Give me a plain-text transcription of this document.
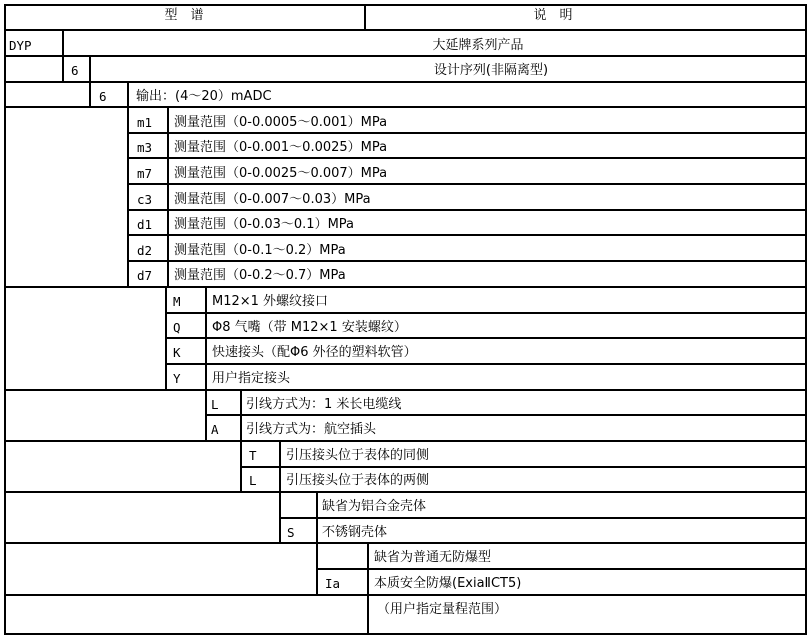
型　谱	说　明
DYP
6
6
m1
m3
m7
c3
d1
d2
d7
M
Q
K
Y
L
A
T
L
S
Ia
大延牌系列产品
设计序列(非隔离型)
输出：(4～20）mADC
测量范围（0-0.0005～0.001）MPa
测量范围（0-0.001～0.0025）MPa
测量范围（0-0.0025～0.007）MPa
测量范围（0-0.007～0.03）MPa
测量范围（0-0.03～0.1）MPa
测量范围（0-0.1～0.2）MPa
测量范围（0-0.2～0.7）MPa
M12×1 外螺纹接口
Φ8 气嘴（带 M12×1 安装螺纹）
快速接头（配Φ6 外径的塑料软管）
用户指定接头
引线方式为：1 米长电缆线
引线方式为：航空插头
引压接头位于表体的同侧
引压接头位于表体的两侧
缺省为铝合金壳体
不锈钢壳体
缺省为普通无防爆型
本质安全防爆(ExiaⅡCT5)
（用户指定量程范围）
